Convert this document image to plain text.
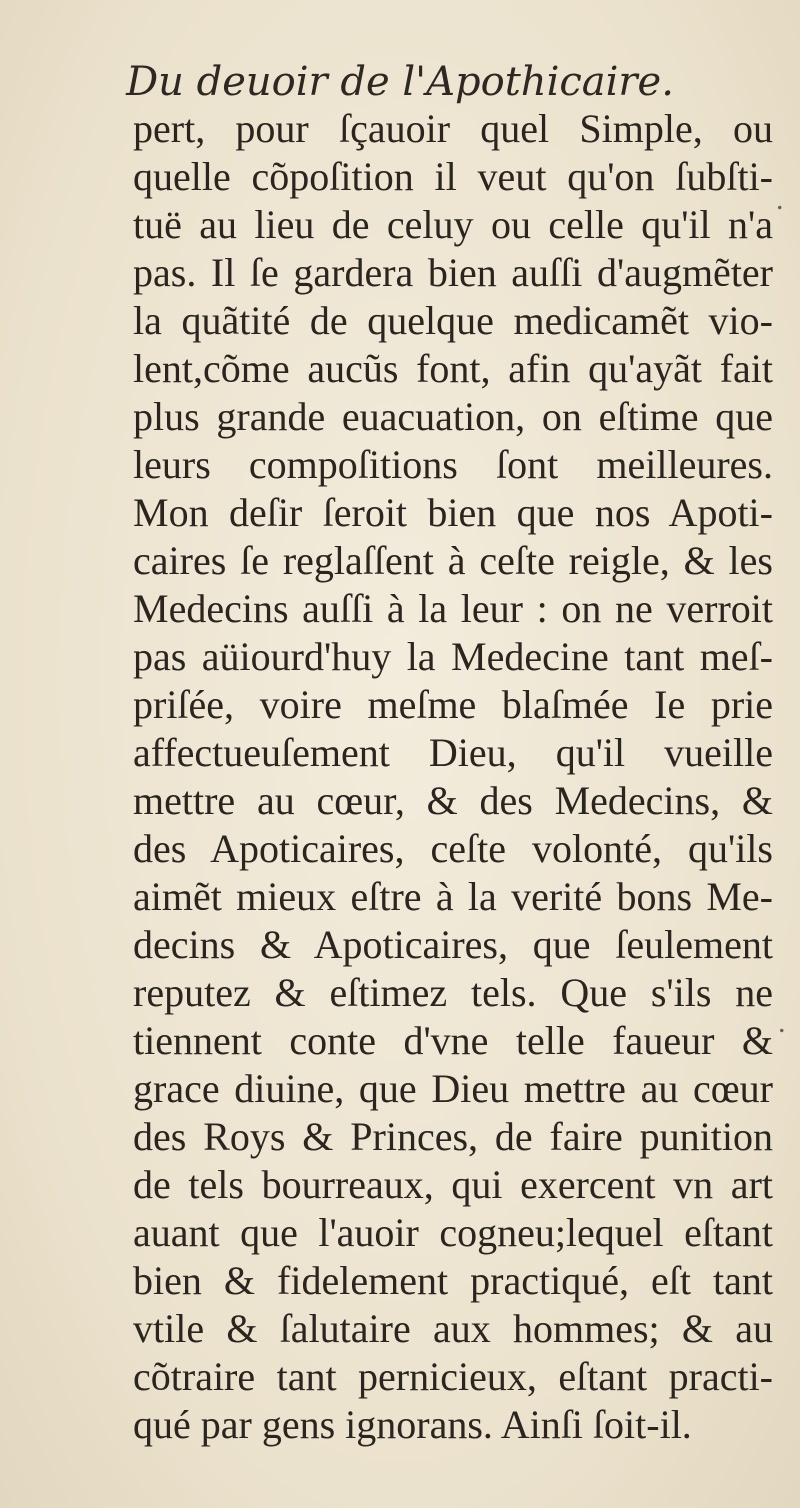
Du deuoir de l'Apothicaire.
.
.
pert, pour ſçauoir quel Simple, ou
quelle cõpoſition il veut qu'on ſubſti-
tuë au lieu de celuy ou celle qu'il n'a
pas. Il ſe gardera bien auſſi d'augmẽter
la quãtité de quelque medicamẽt vio-
lent,cõme aucũs font, afin qu'ayãt fait
plus grande euacuation, on eſtime que
leurs compoſitions ſont meilleures.
Mon deſir ſeroit bien que nos Apoti-
caires ſe reglaſſent à ceſte reigle, & les
Medecins auſſi à la leur : on ne verroit
pas aüiourd'huy la Medecine tant meſ-
priſée, voire meſme blaſmée Ie prie
affectueuſement Dieu, qu'il vueille
mettre au cœur, & des Medecins, &
des Apoticaires, ceſte volonté, qu'ils
aimẽt mieux eſtre à la verité bons Me-
decins & Apoticaires, que ſeulement
reputez & eſtimez tels. Que s'ils ne
tiennent conte d'vne telle faueur &
grace diuine, que Dieu mettre au cœur
des Roys & Princes, de faire punition
de tels bourreaux, qui exercent vn art
auant que l'auoir cogneu;lequel eſtant
bien & fidelement practiqué, eſt tant
vtile & ſalutaire aux hommes; & au
cõtraire tant pernicieux, eſtant practi-
qué par gens ignorans. Ainſi ſoit-il.
